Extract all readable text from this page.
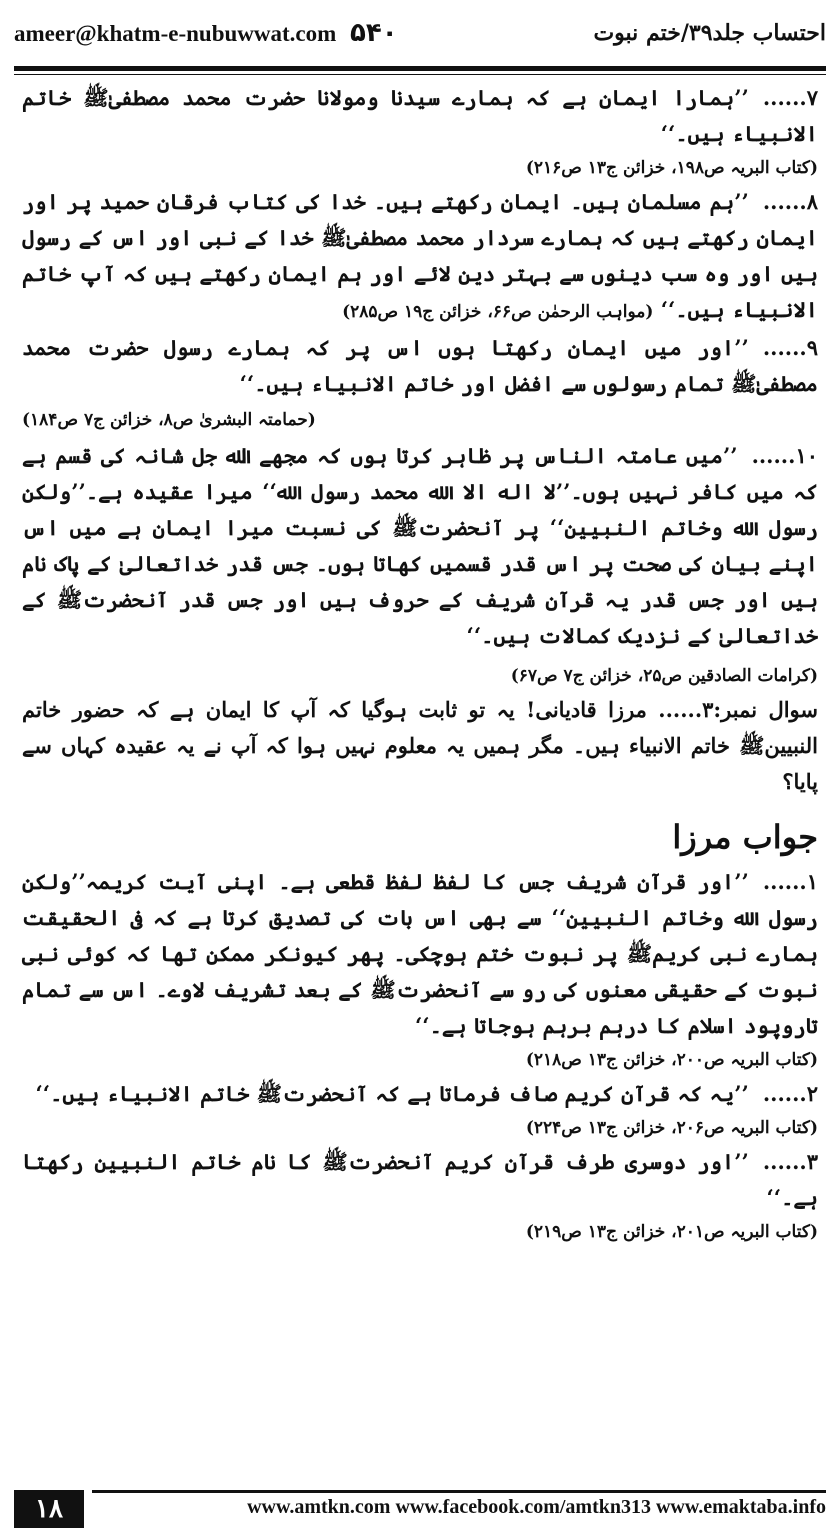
ameer@khatm-e-nubuwwat.com ۵۴۰	احتساب جلد۳۹/ختم نبوت

۷......’’ہمارا ایمان ہے کہ ہمارے سیدنا ومولانا حضرت محمد مصطفیٰﷺ خاتم الانبیاء ہیں۔‘‘

(کتاب البریہ ص۱۹۸، خزائن ج۱۳ ص۲۱۶)

۸......’’ہم مسلمان ہیں۔ ایمان رکھتے ہیں۔ خدا کی کتاب فرقان حمید پر اور ایمان رکھتے ہیں کہ ہمارے سردار محمد مصطفیٰﷺ خدا کے نبی اور اس کے رسول ہیں اور وہ سب دینوں سے بہتر دین لائے اور ہم ایمان رکھتے ہیں کہ آپ خاتم الانبیاء ہیں۔‘‘ (مواہب الرحمٰن ص۶۶، خزائن ج۱۹ ص۲۸۵)

۹......’’اور میں ایمان رکھتا ہوں اس پر کہ ہمارے رسول حضرت محمد مصطفیٰﷺ تمام رسولوں سے افضل اور خاتم الانبیاء ہیں۔‘‘
(حمامتہ البشریٰ ص۸، خزائن ج۷ ص۱۸۴)

۱۰......’’میں عامتہ الناس پر ظاہر کرتا ہوں کہ مجھے اﷲ جل شانہ کی قسم ہے کہ میں کافر نہیں ہوں۔’’لا اله الا الله محمد رسول الله‘‘ میرا عقیدہ ہے۔’’ولکن رسول الله وخاتم النبیین‘‘ پر آنحضرتﷺ کی نسبت میرا ایمان ہے میں اس اپنے بیان کی صحت پر اس قدر قسمیں کھاتا ہوں۔ جس قدر خداتعالیٰ کے پاک نام ہیں اور جس قدر یہ قرآن شریف کے حروف ہیں اور جس قدر آنحضرتﷺ کے خداتعالیٰ کے نزدیک کمالات ہیں۔‘‘

(کرامات الصادقین ص۲۵، خزائن ج۷ ص۶۷)

سوال نمبر:۳...... مرزا قادیانی! یہ تو ثابت ہوگیا کہ آپ کا ایمان ہے کہ حضور خاتم النبیینﷺ خاتم الانبیاء ہیں۔ مگر ہمیں یہ معلوم نہیں ہوا کہ آپ نے یہ عقیدہ کہاں سے پایا؟

جواب مرزا

۱......’’اور قرآن شریف جس کا لفظ لفظ قطعی ہے۔ اپنی آیت کریمہ’’ولکن رسول الله وخاتم النبیین‘‘ سے بھی اس بات کی تصدیق کرتا ہے کہ فی الحقیقت ہمارے نبی کریمﷺ پر نبوت ختم ہوچکی۔ پھر کیونکر ممکن تھا کہ کوئی نبی نبوت کے حقیقی معنوں کی رو سے آنحضرتﷺ کے بعد تشریف لاوے۔ اس سے تمام تاروپود اسلام کا درہم برہم ہوجاتا ہے۔‘‘

(کتاب البریہ ص۲۰۰، خزائن ج۱۳ ص۲۱۸)

۲......’’یہ کہ قرآن کریم صاف فرماتا ہے کہ آنحضرتﷺ خاتم الانبیاء ہیں۔‘‘

(کتاب البریہ ص۲۰۶، خزائن ج۱۳ ص۲۲۴)

۳......’’اور دوسری طرف قرآن کریم آنحضرتﷺ کا نام خاتم النبیین رکھتا ہے۔‘‘

(کتاب البریہ ص۲۰۱، خزائن ج۱۳ ص۲۱۹)

۱۸	www.amtkn.com www.facebook.com/amtkn313 www.emaktaba.info
